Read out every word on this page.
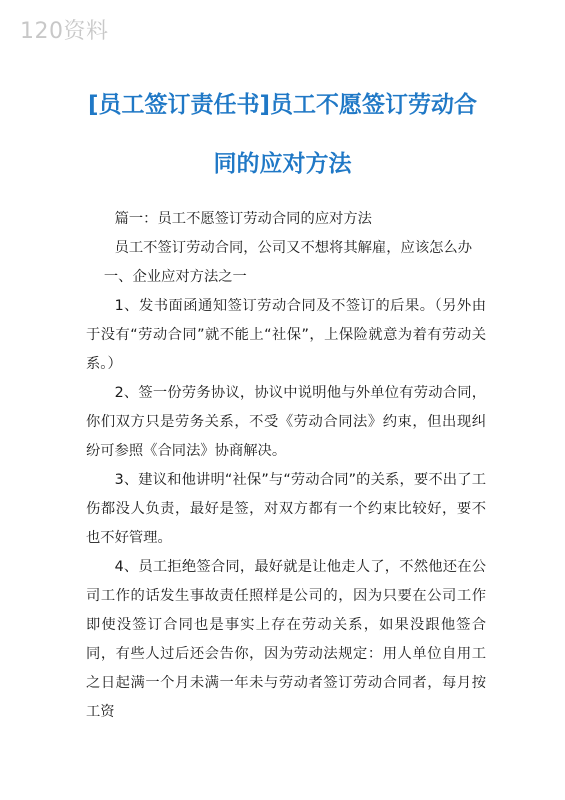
120资料
[员工签订责任书]员工不愿签订劳动合
同的应对方法

篇一：员工不愿签订劳动合同的应对方法

员工不签订劳动合同，公司又不想将其解雇，应该怎么办

一、企业应对方法之一

1、发书面函通知签订劳动合同及不签订的后果。（另外由于没有“劳动合同”就不能上“社保”，上保险就意为着有劳动关系。）

2、签一份劳务协议，协议中说明他与外单位有劳动合同，你们双方只是劳务关系，不受《劳动合同法》约束，但出现纠纷可参照《合同法》协商解决。

3、建议和他讲明“社保”与“劳动合同”的关系，要不出了工伤都没人负责，最好是签，对双方都有一个约束比较好，要不也不好管理。

4、员工拒绝签合同，最好就是让他走人了，不然他还在公司工作的话发生事故责任照样是公司的，因为只要在公司工作即使没签订合同也是事实上存在劳动关系，如果没跟他签合同，有些人过后还会告你，因为劳动法规定：用人单位自用工之日起满一个月未满一年未与劳动者签订劳动合同者，每月按工资
